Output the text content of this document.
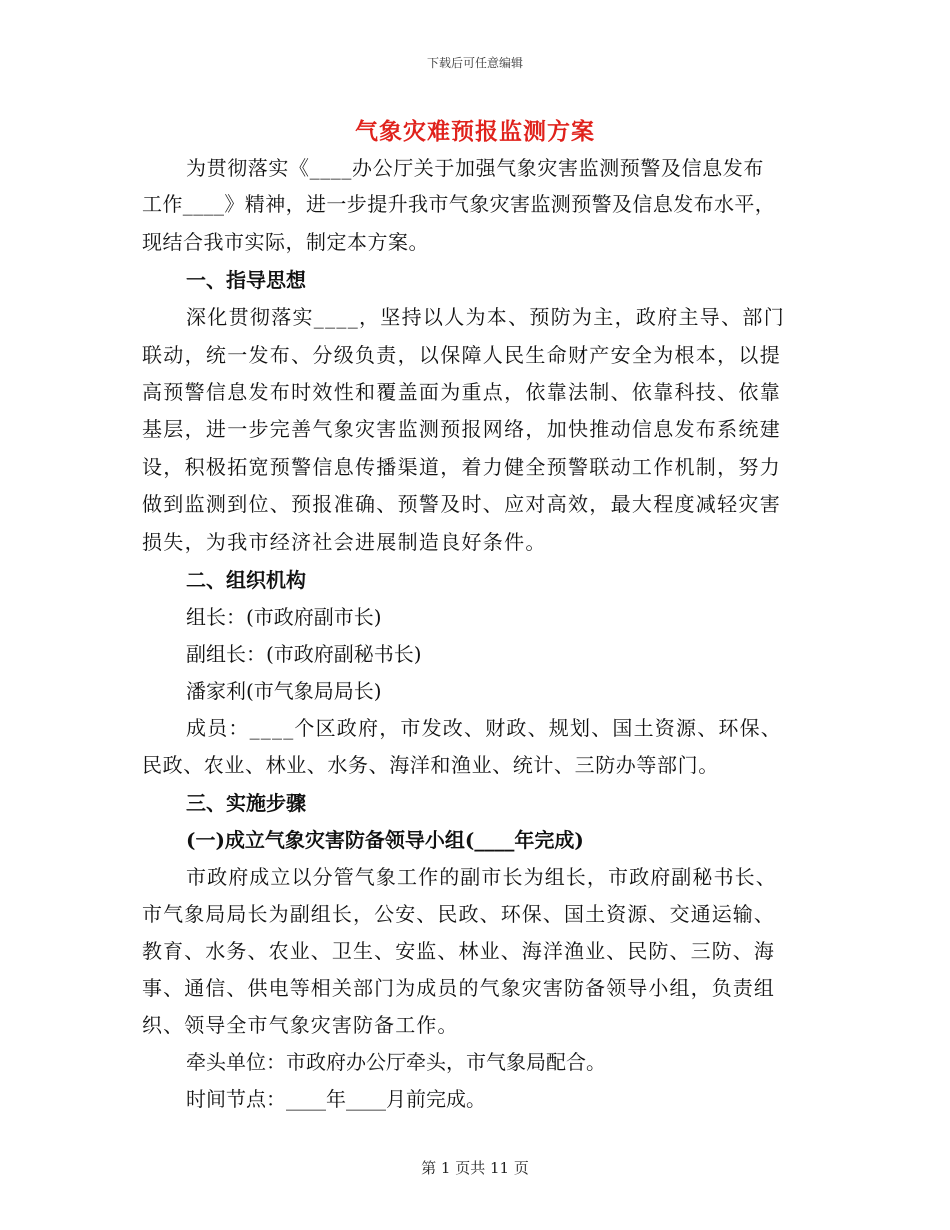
下载后可任意编辑
气象灾难预报监测方案
为贯彻落实《____办公厅关于加强气象灾害监测预警及信息发布
工作____》精神，进一步提升我市气象灾害监测预警及信息发布水平，
现结合我市实际，制定本方案。
一、指导思想
深化贯彻落实____，坚持以人为本、预防为主，政府主导、部门
联动，统一发布、分级负责，以保障人民生命财产安全为根本，以提
高预警信息发布时效性和覆盖面为重点，依靠法制、依靠科技、依靠
基层，进一步完善气象灾害监测预报网络，加快推动信息发布系统建
设，积极拓宽预警信息传播渠道，着力健全预警联动工作机制，努力
做到监测到位、预报准确、预警及时、应对高效，最大程度减轻灾害
损失，为我市经济社会进展制造良好条件。
二、组织机构
组长：(市政府副市长)
副组长：(市政府副秘书长)
潘家利(市气象局局长)
成员：____个区政府，市发改、财政、规划、国土资源、环保、
民政、农业、林业、水务、海洋和渔业、统计、三防办等部门。
三、实施步骤
(一)成立气象灾害防备领导小组(____年完成)
市政府成立以分管气象工作的副市长为组长，市政府副秘书长、
市气象局局长为副组长，公安、民政、环保、国土资源、交通运输、
教育、水务、农业、卫生、安监、林业、海洋渔业、民防、三防、海
事、通信、供电等相关部门为成员的气象灾害防备领导小组，负责组
织、领导全市气象灾害防备工作。
牵头单位：市政府办公厅牵头，市气象局配合。
时间节点：____年____月前完成。
第 1 页共 11 页
